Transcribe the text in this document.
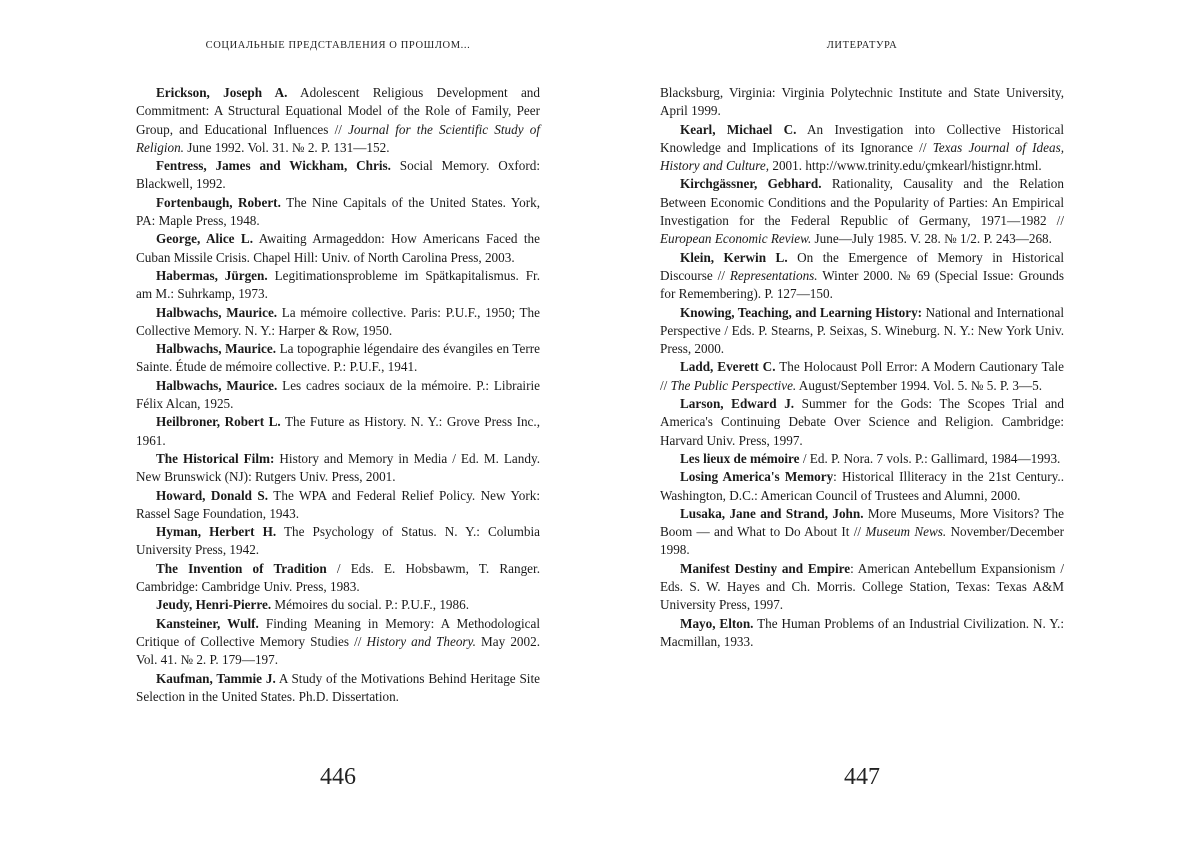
СОЦИАЛЬНЫЕ ПРЕДСТАВЛЕНИЯ О ПРОШЛОМ...
Erickson, Joseph A. Adolescent Religious Development and Commitment: A Structural Equational Model of the Role of Family, Peer Group, and Educational Influences // Journal for the Scientific Study of Religion. June 1992. Vol. 31. № 2. P. 131—152.
Fentress, James and Wickham, Chris. Social Memory. Oxford: Blackwell, 1992.
Fortenbaugh, Robert. The Nine Capitals of the United States. York, PA: Maple Press, 1948.
George, Alice L. Awaiting Armageddon: How Americans Faced the Cuban Missile Crisis. Chapel Hill: Univ. of North Carolina Press, 2003.
Habermas, Jürgen. Legitimationsprobleme im Spätkapitalismus. Fr. am M.: Suhrkamp, 1973.
Halbwachs, Maurice. La mémoire collective. Paris: P.U.F., 1950; The Collective Memory. N. Y.: Harper & Row, 1950.
Halbwachs, Maurice. La topographie légendaire des évangiles en Terre Sainte. Étude de mémoire collective. P.: P.U.F., 1941.
Halbwachs, Maurice. Les cadres sociaux de la mémoire. P.: Librairie Félix Alcan, 1925.
Heilbroner, Robert L. The Future as History. N. Y.: Grove Press Inc., 1961.
The Historical Film: History and Memory in Media / Ed. M. Landy. New Brunswick (NJ): Rutgers Univ. Press, 2001.
Howard, Donald S. The WPA and Federal Relief Policy. New York: Rassel Sage Foundation, 1943.
Hyman, Herbert H. The Psychology of Status. N. Y.: Columbia University Press, 1942.
The Invention of Tradition / Eds. E. Hobsbawm, T. Ranger. Cambridge: Cambridge Univ. Press, 1983.
Jeudy, Henri-Pierre. Mémoires du social. P.: P.U.F., 1986.
Kansteiner, Wulf. Finding Meaning in Memory: A Methodological Critique of Collective Memory Studies // History and Theory. May 2002. Vol. 41. № 2. P. 179—197.
Kaufman, Tammie J. A Study of the Motivations Behind Heritage Site Selection in the United States. Ph.D. Dissertation.
446
ЛИТЕРАТУРА
Blacksburg, Virginia: Virginia Polytechnic Institute and State University, April 1999.
Kearl, Michael C. An Investigation into Collective Historical Knowledge and Implications of its Ignorance // Texas Journal of Ideas, History and Culture, 2001. http://www.trinity.edu/çmkearl/histignr.html.
Kirchgässner, Gebhard. Rationality, Causality and the Relation Between Economic Conditions and the Popularity of Parties: An Empirical Investigation for the Federal Republic of Germany, 1971—1982 // European Economic Review. June—July 1985. V. 28. № 1/2. P. 243—268.
Klein, Kerwin L. On the Emergence of Memory in Historical Discourse // Representations. Winter 2000. № 69 (Special Issue: Grounds for Remembering). P. 127—150.
Knowing, Teaching, and Learning History: National and International Perspective / Eds. P. Stearns, P. Seixas, S. Wineburg. N. Y.: New York Univ. Press, 2000.
Ladd, Everett C. The Holocaust Poll Error: A Modern Cautionary Tale // The Public Perspective. August/September 1994. Vol. 5. № 5. P. 3—5.
Larson, Edward J. Summer for the Gods: The Scopes Trial and America's Continuing Debate Over Science and Religion. Cambridge: Harvard Univ. Press, 1997.
Les lieux de mémoire / Ed. P. Nora. 7 vols. P.: Gallimard, 1984—1993.
Losing America's Memory: Historical Illiteracy in the 21st Century.. Washington, D.C.: American Council of Trustees and Alumni, 2000.
Lusaka, Jane and Strand, John. More Museums, More Visitors? The Boom — and What to Do About It // Museum News. November/December 1998.
Manifest Destiny and Empire: American Antebellum Expansionism / Eds. S. W. Hayes and Ch. Morris. College Station, Texas: Texas A&M University Press, 1997.
Mayo, Elton. The Human Problems of an Industrial Civilization. N. Y.: Macmillan, 1933.
447
